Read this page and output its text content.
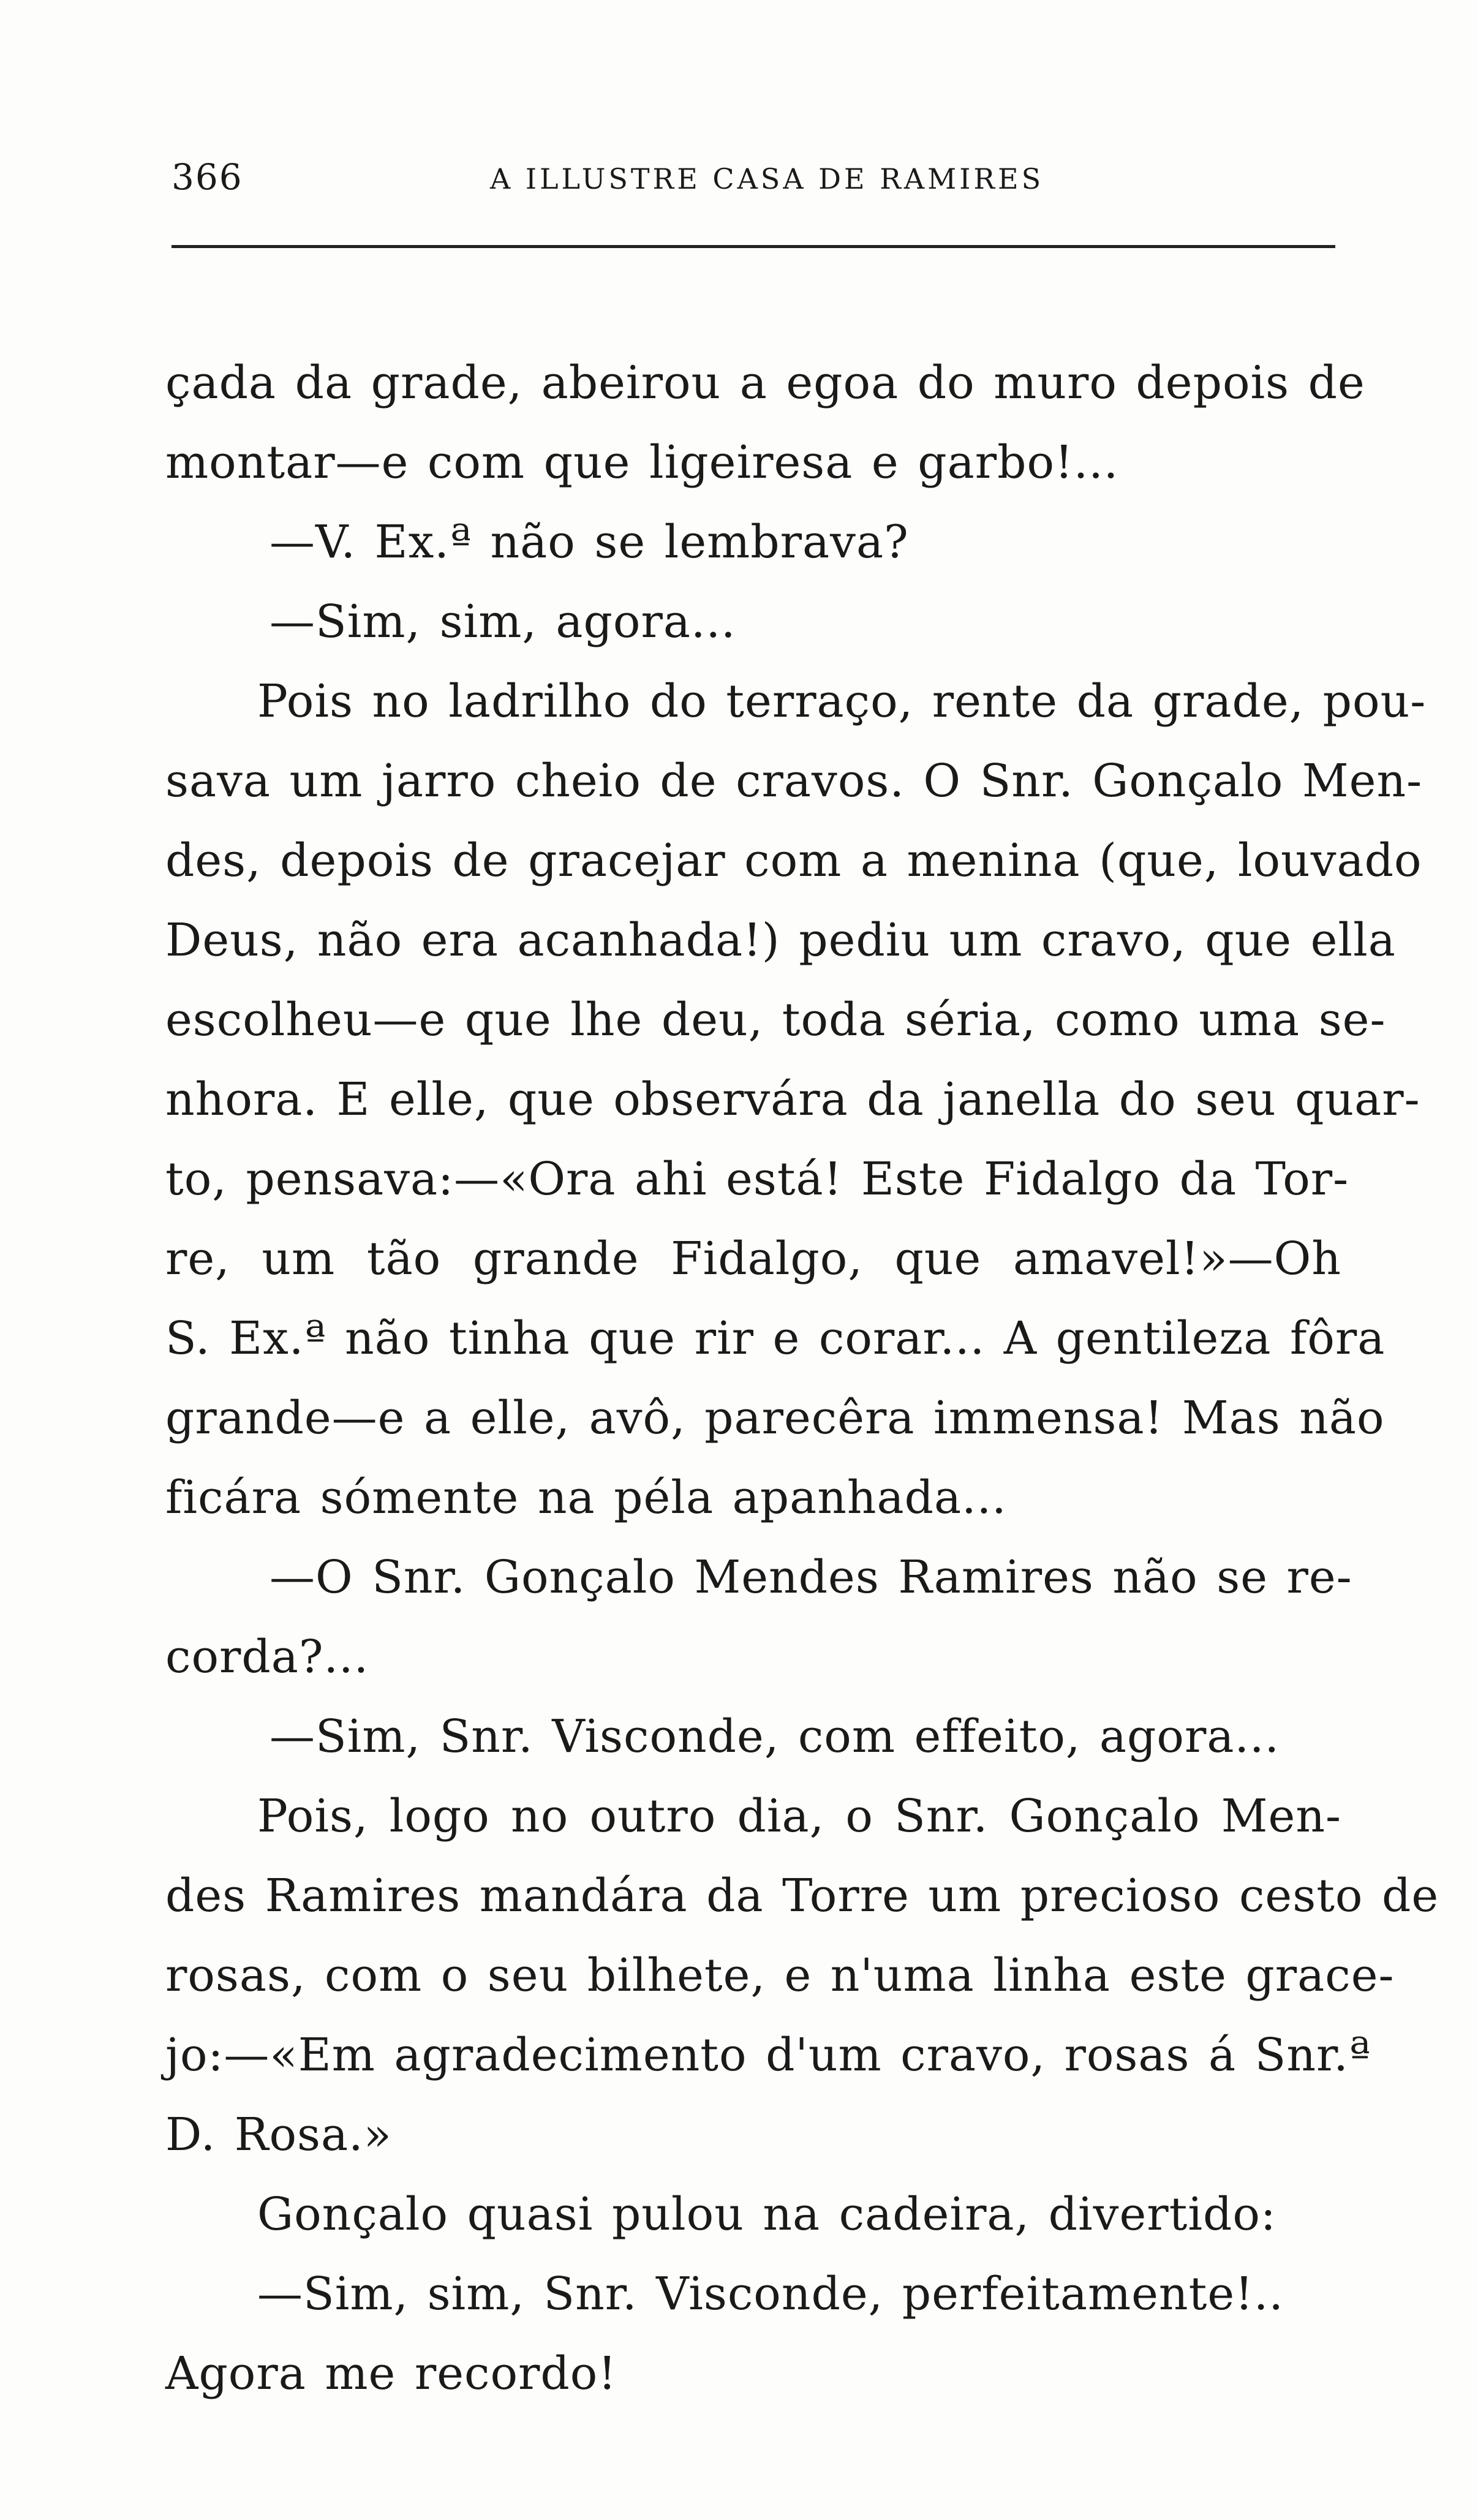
366	A ILLUSTRE CASA DE RAMIRES
çada da grade, abeirou a egoa do muro depois de
montar—e com que ligeiresa e garbo!...
—V. Ex.ª não se lembrava?
—Sim, sim, agora...
Pois no ladrilho do terraço, rente da grade, pou-
sava um jarro cheio de cravos. O Snr. Gonçalo Men-
des, depois de gracejar com a menina (que, louvado
Deus, não era acanhada!) pediu um cravo, que ella
escolheu—e que lhe deu, toda séria, como uma se-
nhora. E elle, que observára da janella do seu quar-
to, pensava:—«Ora ahi está! Este Fidalgo da Tor-
re, um tão grande Fidalgo, que amavel!»—Oh
S. Ex.ª não tinha que rir e corar... A gentileza fôra
grande—e a elle, avô, parecêra immensa! Mas não
ficára sómente na péla apanhada...
—O Snr. Gonçalo Mendes Ramires não se re-
corda?...
—Sim, Snr. Visconde, com effeito, agora...
Pois, logo no outro dia, o Snr. Gonçalo Men-
des Ramires mandára da Torre um precioso cesto de
rosas, com o seu bilhete, e n'uma linha este grace-
jo:—«Em agradecimento d'um cravo, rosas á Snr.ª
D. Rosa.»
Gonçalo quasi pulou na cadeira, divertido:
—Sim, sim, Snr. Visconde, perfeitamente!..
Agora me recordo!
